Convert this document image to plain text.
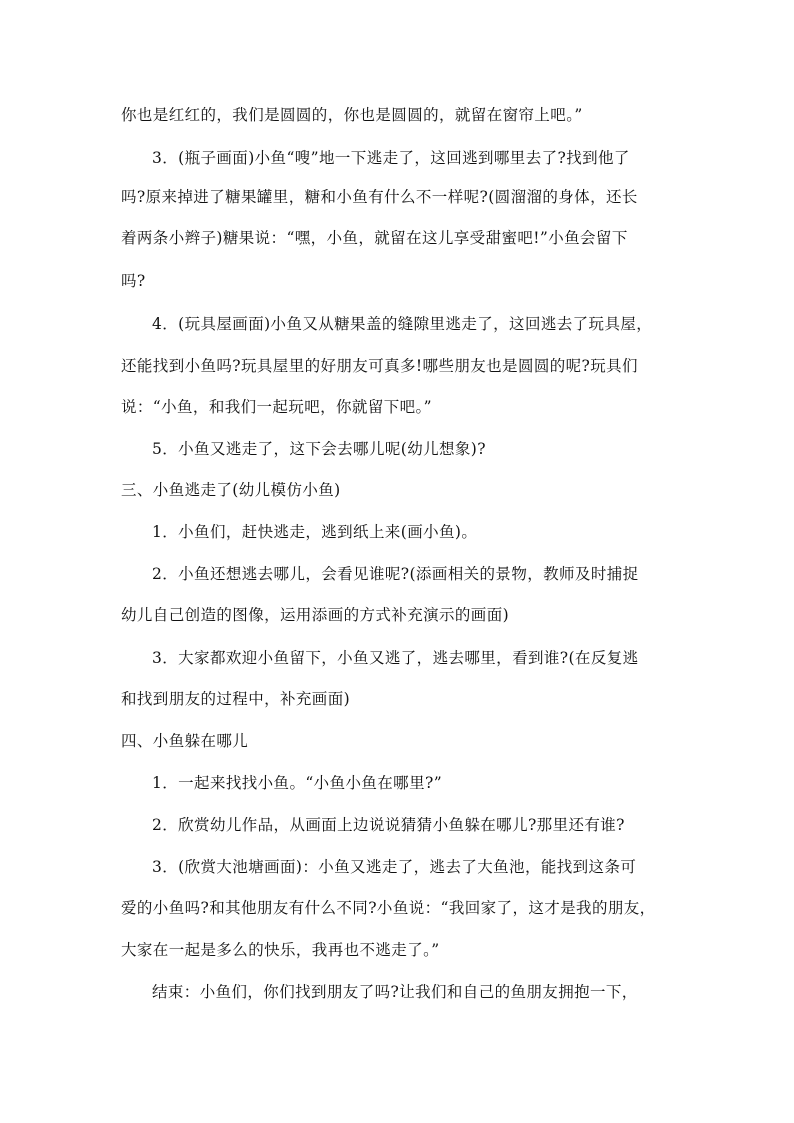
你也是红红的，我们是圆圆的，你也是圆圆的，就留在窗帘上吧。”
3．(瓶子画面)小鱼“嗖”地一下逃走了，这回逃到哪里去了?找到他了
吗?原来掉进了糖果罐里，糖和小鱼有什么不一样呢?(圆溜溜的身体，还长
着两条小辫子)糖果说：“嘿，小鱼，就留在这儿享受甜蜜吧!”小鱼会留下
吗?
4．(玩具屋画面)小鱼又从糖果盖的缝隙里逃走了，这回逃去了玩具屋，
还能找到小鱼吗?玩具屋里的好朋友可真多!哪些朋友也是圆圆的呢?玩具们
说：“小鱼，和我们一起玩吧，你就留下吧。”
5．小鱼又逃走了，这下会去哪儿呢(幼儿想象)?
三、小鱼逃走了(幼儿模仿小鱼)
1．小鱼们，赶快逃走，逃到纸上来(画小鱼)。
2．小鱼还想逃去哪儿，会看见谁呢?(添画相关的景物，教师及时捕捉
幼儿自己创造的图像，运用添画的方式补充演示的画面)
3．大家都欢迎小鱼留下，小鱼又逃了，逃去哪里，看到谁?(在反复逃
和找到朋友的过程中，补充画面)
四、小鱼躲在哪儿
1．一起来找找小鱼。“小鱼小鱼在哪里?”
2．欣赏幼儿作品，从画面上边说说猜猜小鱼躲在哪儿?那里还有谁?
3．(欣赏大池塘画面)：小鱼又逃走了，逃去了大鱼池，能找到这条可
爱的小鱼吗?和其他朋友有什么不同?小鱼说：“我回家了，这才是我的朋友，
大家在一起是多么的快乐，我再也不逃走了。”
结束：小鱼们，你们找到朋友了吗?让我们和自己的鱼朋友拥抱一下，
